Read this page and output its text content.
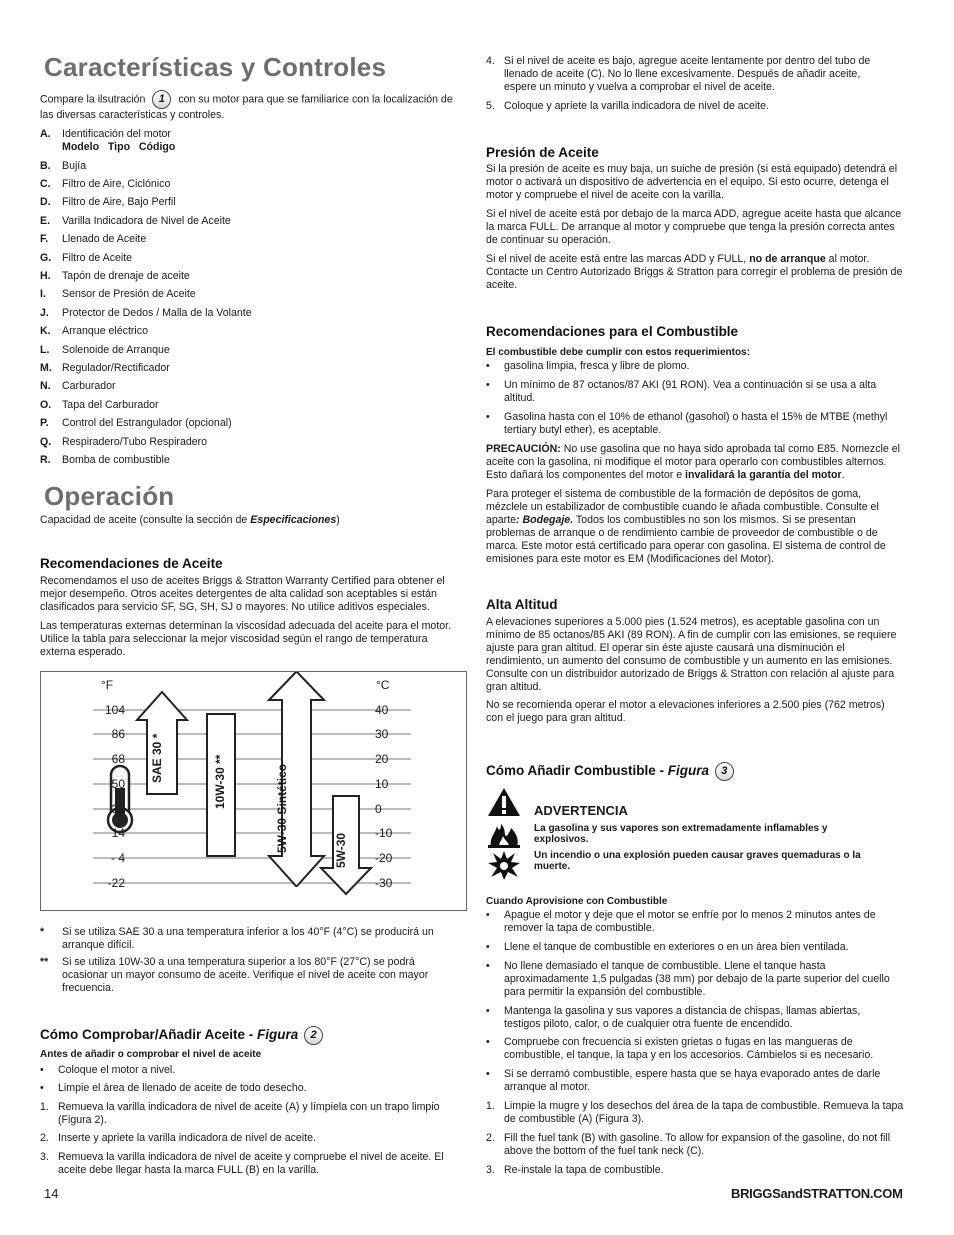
Características y Controles
Compare la ilsutración 1 con su motor para que se familiarice con la localización de
las diversas características y controles.
A. Identificación del motor
Modelo   Tipo   Código
B. Bujía
C. Filtro de Aire, Ciclónico
D. Filtro de Aire, Bajo Perfil
E. Varilla Indicadora de Nivel de Aceite
F. Llenado de Aceite
G. Filtro de Aceite
H. Tapón de drenaje de aceite
I. Sensor de Presión de Aceite
J. Protector de Dedos / Malla de la Volante
K. Arranque eléctrico
L. Solenoide de Arranque
M. Regulador/Rectificador
N. Carburador
O. Tapa del Carburador
P. Control del Estrangulador (opcional)
Q. Respiradero/Tubo Respiradero
R. Bomba de combustible
Operación
Capacidad de aceite (consulte la sección de Especificaciones)
Recomendaciones de Aceite
Recomendamos el uso de aceites Briggs & Stratton Warranty Certified para obtener el
mejor desempeño. Otros aceites detergentes de alta calidad son aceptables si están
clasificados para servicio SF, SG, SH, SJ o mayores. No utilice aditivos especiales.
Las temperaturas externas determinan la viscosidad adecuada del aceite para el motor.
Utilice la tabla para seleccionar la mejor viscosidad según el rango de temperatura
externa esperado.
°F	°C
104
86
68
50
32
14
- 4
-22
40
30
20
10
0
-10
-20
-30
SAE 30 *	10W-30 **	5W-30 Sintético	5W-30
* Si se utiliza SAE 30 a una temperatura inferior a los 40°F (4°C) se producirá un
arranque difícil.
** Si se utiliza 10W-30 a una temperatura superior a los 80°F (27°C) se podrá
ocasionar un mayor consumo de aceite. Verifique el nivel de aceite con mayor
frecuencia.
Cómo Comprobar/Añadir Aceite - Figura 2
Antes de añadir o comprobar el nivel de aceite
• Coloque el motor a nivel.
• Limpie el área de llenado de aceite de todo desecho.
1. Remueva la varilla indicadora de nivel de aceite (A) y límpiela con un trapo limpio
(Figura 2).
2. Inserte y apriete la varilla indicadora de nivel de aceite.
3. Remueva la varilla indicadora de nivel de aceite y compruebe el nivel de aceite. El
aceite debe llegar hasta la marca FULL (B) en la varilla.
4. Si el nivel de aceite es bajo, agregue aceite lentamente por dentro del tubo de
llenado de aceite (C). No lo llene excesivamente. Después de añadir aceite,
espere un minuto y vuelva a comprobar el nivel de aceite.
5. Coloque y apriete la varilla indicadora de nivel de aceite.
Presión de Aceite
Si la presión de aceite es muy baja, un suiche de presión (si está equipado) detendrá el
motor o activará un dispositivo de advertencia en el equipo. Si esto ocurre, detenga el
motor y compruebe el nivel de aceite con la varilla.
Si el nivel de aceite está por debajo de la marca ADD, agregue aceite hasta que alcance
la marca FULL. De arranque al motor y compruebe que tenga la presión correcta antes
de continuar su operación.
Si el nivel de aceite está entre las marcas ADD y FULL, no de arranque al motor.
Contacte un Centro Autorizado Briggs & Stratton para corregir el problema de presión de
aceite.
Recomendaciones para el Combustible
El combustible debe cumplir con estos requerimientos:
• gasolina limpia, fresca y libre de plomo.
• Un mínimo de 87 octanos/87 AKI (91 RON). Vea a continuación si se usa a alta
altitud.
• Gasolina hasta con el 10% de ethanol (gasohol) o hasta el 15% de MTBE (methyl
tertiary butyl ether), es aceptable.
PRECAUCIÓN: No use gasolina que no haya sido aprobada tal como E85. Nomezcle el
aceite con la gasolina, ni modifique el motor para operarlo con combustibles alternos.
Esto dañará los componentes del motor e invalidará la garantía del motor.
Para proteger el sistema de combustible de la formación de depósitos de goma,
mézclele un estabilizador de combustible cuando le añada combustible. Consulte el
aparte: Bodegaje. Todos los combustibles no son los mismos. Si se presentan
problemas de arranque o de rendimiento cambie de proveedor de combustible o de
marca. Este motor está certificado para operar con gasolina. El sistema de control de
emisiones para este motor es EM (Modificaciones del Motor).
Alta Altitud
A elevaciones superiores a 5.000 pies (1.524 metros), es aceptable gasolina con un
mínimo de 85 octanos/85 AKI (89 RON). A fin de cumplir con las emisiones, se requiere
ajuste para gran altitud. El operar sin éste ajuste causará una disminución el
rendimiento, un aumento del consumo de combustible y un aumento en las emisiones.
Consulte con un distribuidor autorizado de Briggs & Stratton con relación al ajuste para
gran altitud.
No se recomienda operar el motor a elevaciones inferiores a 2.500 pies (762 metros)
con el juego para gran altitud.
Cómo Añadir Combustible - Figura 3
ADVERTENCIA
La gasolina y sus vapores son extremadamente inflamables y
explosivos.
Un incendio o una explosión pueden causar graves quemaduras o la
muerte.
Cuando Aprovisione con Combustible
• Apague el motor y deje que el motor se enfríe por lo menos 2 minutos antes de
remover la tapa de combustible.
• Llene el tanque de combustible en exteriores o en un área bien ventilada.
• No llene demasiado el tanque de combustible. Llene el tanque hasta
aproximadamente 1,5 pulgadas (38 mm) por debajo de la parte superior del cuello
para permitir la expansión del combustible.
• Mantenga la gasolina y sus vapores a distancia de chispas, llamas abiertas,
testigos piloto, calor, o de cualquier otra fuente de encendido.
• Compruebe con frecuencia si existen grietas o fugas en las mangueras de
combustible, el tanque, la tapa y en los accesorios. Cámbielos si es necesario.
• Si se derramó combustible, espere hasta que se haya evaporado antes de darle
arranque al motor.
1. Limpie la mugre y los desechos del área de la tapa de combustible. Remueva la tapa
de combustible (A) (Figura 3).
2. Fill the fuel tank (B) with gasoline. To allow for expansion of the gasoline, do not fill
above the bottom of the fuel tank neck (C).
3. Re-instale la tapa de combustible.
14	BRIGGSandSTRATTON.COM
